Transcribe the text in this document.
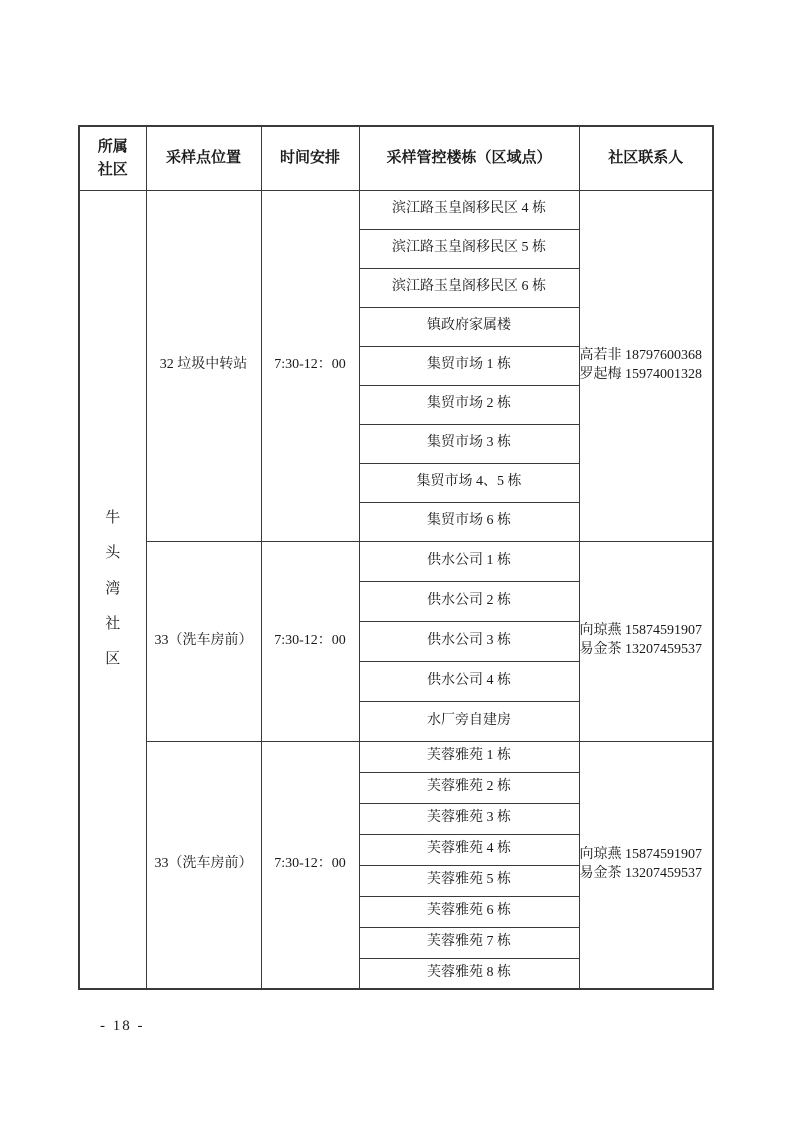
所属社区	采样点位置	时间安排	采样管控楼栋（区域点）	社区联系人

牛头湾社区	32 垃圾中转站	7:30-12：00	滨江路玉皇阁移民区 4 栋	高若非 18797600368
罗起梅 15974001328

			滨江路玉皇阁移民区 5 栋	
			滨江路玉皇阁移民区 6 栋	
			镇政府家属楼	
			集贸市场 1 栋	
			集贸市场 2 栋	
			集贸市场 3 栋	
			集贸市场 4、5 栋	
			集贸市场 6 栋	
	33（洗车房前）	7:30-12：00	供水公司 1 栋	向琼燕 15874591907
易金茶 13207459537

			供水公司 2 栋	
			供水公司 3 栋	
			供水公司 4 栋	
			水厂旁自建房	
	33（洗车房前）	7:30-12：00	芙蓉雅苑 1 栋	向琼燕 15874591907
易金茶 13207459537

			芙蓉雅苑 2 栋	
			芙蓉雅苑 3 栋	
			芙蓉雅苑 4 栋	
			芙蓉雅苑 5 栋	
			芙蓉雅苑 6 栋	
			芙蓉雅苑 7 栋	
			芙蓉雅苑 8 栋	
- 18 -
